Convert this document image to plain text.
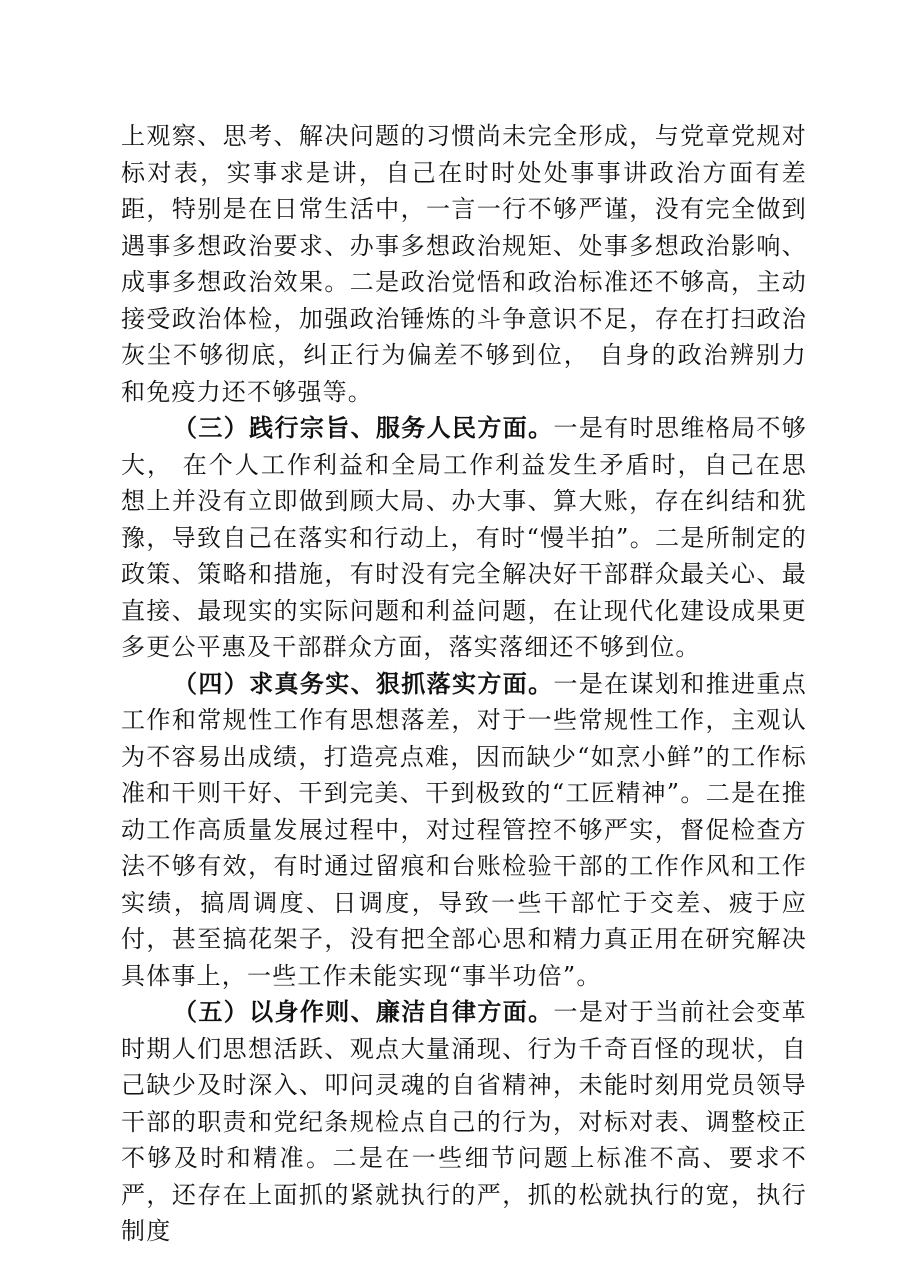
上观察、思考、解决问题的习惯尚未完全形成，与党章党规对标对表，实事求是讲，自己在时时处处事事讲政治方面有差距，特别是在日常生活中，一言一行不够严谨，没有完全做到遇事多想政治要求、办事多想政治规矩、处事多想政治影响、成事多想政治效果。二是政治觉悟和政治标准还不够高，主动接受政治体检，加强政治锤炼的斗争意识不足，存在打扫政治灰尘不够彻底，纠正行为偏差不够到位， 自身的政治辨别力和免疫力还不够强等。

（三）践行宗旨、服务人民方面。一是有时思维格局不够大， 在个人工作利益和全局工作利益发生矛盾时，自己在思想上并没有立即做到顾大局、办大事、算大账，存在纠结和犹豫，导致自己在落实和行动上，有时“慢半拍”。二是所制定的政策、策略和措施，有时没有完全解决好干部群众最关心、最直接、最现实的实际问题和利益问题，在让现代化建设成果更多更公平惠及干部群众方面，落实落细还不够到位。

（四）求真务实、狠抓落实方面。一是在谋划和推进重点工作和常规性工作有思想落差，对于一些常规性工作，主观认为不容易出成绩，打造亮点难，因而缺少“如烹小鲜”的工作标准和干则干好、干到完美、干到极致的“工匠精神”。二是在推动工作高质量发展过程中，对过程管控不够严实，督促检查方法不够有效，有时通过留痕和台账检验干部的工作作风和工作实绩，搞周调度、日调度，导致一些干部忙于交差、疲于应付，甚至搞花架子，没有把全部心思和精力真正用在研究解决具体事上，一些工作未能实现“事半功倍”。

（五）以身作则、廉洁自律方面。一是对于当前社会变革时期人们思想活跃、观点大量涌现、行为千奇百怪的现状，自己缺少及时深入、叩问灵魂的自省精神，未能时刻用党员领导干部的职责和党纪条规检点自己的行为，对标对表、调整校正不够及时和精准。二是在一些细节问题上标准不高、要求不严，还存在上面抓的紧就执行的严，抓的松就执行的宽，执行制度
